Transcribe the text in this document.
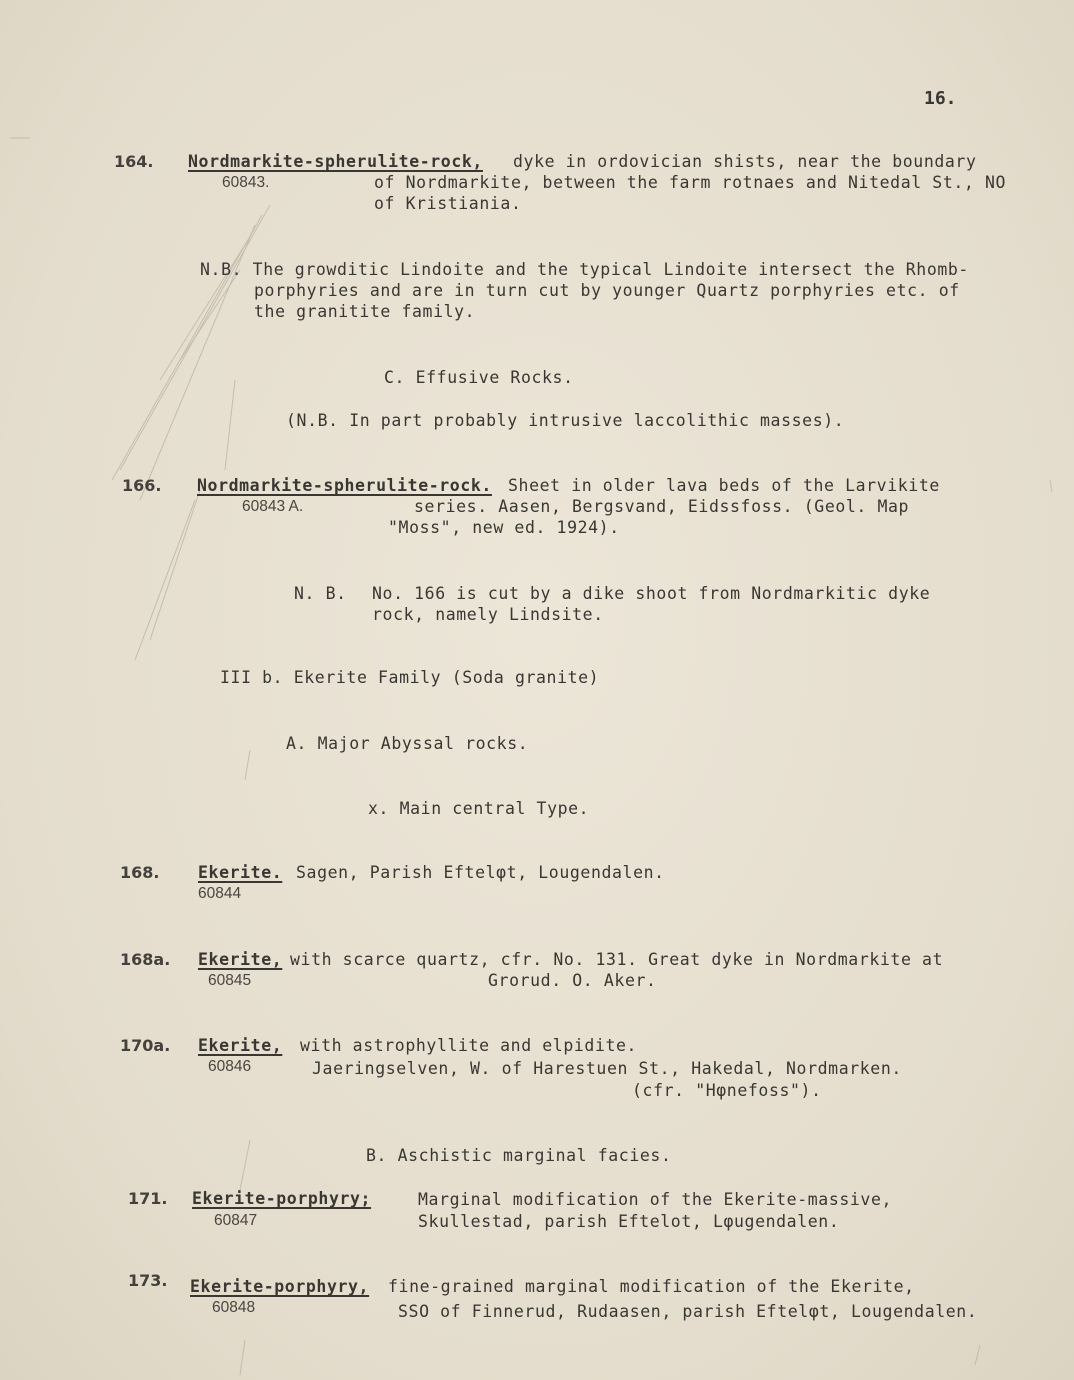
16.
164. Nordmarkite-spherulite-rock, dyke in ordovician shists, near the boundary
60843.	of Nordmarkite, between the farm rotnaes and Nitedal St., NO
of Kristiania.
N.B. The growditic Lindoite and the typical Lindoite intersect the Rhomb-
porphyries and are in turn cut by younger Quartz porphyries etc. of
the granitite family.
C. Effusive Rocks.
(N.B. In part probably intrusive laccolithic masses).
166. Nordmarkite-spherulite-rock. Sheet in older lava beds of the Larvikite
60843 A.	series. Aasen, Bergsvand, Eidssfoss. (Geol. Map
"Moss", new ed. 1924).
N. B. No. 166 is cut by a dike shoot from Nordmarkitic dyke
rock, namely Lindsite.
III b. Ekerite Family (Soda granite)
A. Major Abyssal rocks.
x. Main central Type.
168. Ekerite. Sagen, Parish Eftelφt, Lougendalen.
60844
168a. Ekerite, with scarce quartz, cfr. No. 131. Great dyke in Nordmarkite at
60845	Grorud. O. Aker.
170a. Ekerite, with astrophyllite and elpidite.
60846	Jaeringselven, W. of Harestuen St., Hakedal, Nordmarken.
(cfr. "Hφnefoss").
B. Aschistic marginal facies.
171. Ekerite-porphyry;	Marginal modification of the Ekerite-massive,
60847	Skullestad, parish Eftelot, Lφugendalen.
173. Ekerite-porphyry, fine-grained marginal modification of the Ekerite,
60848	SSO of Finnerud, Rudaasen, parish Eftelφt, Lougendalen.
